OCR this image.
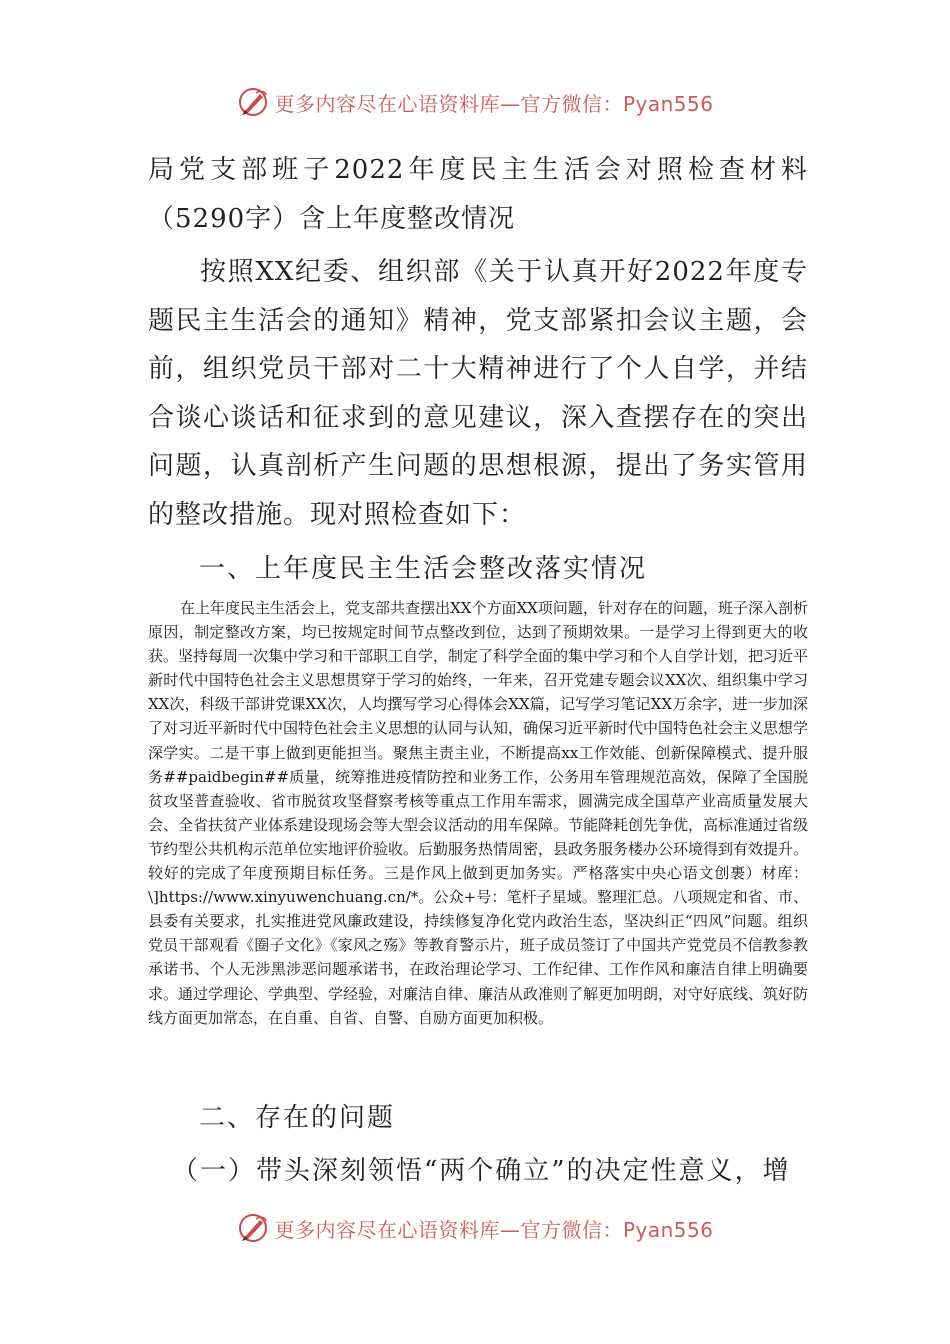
更多内容尽在心语资料库—官方微信：Pyan556
局党支部班子2022年度民主生活会对照检查材料
（5290字）含上年度整改情况
按照XX纪委、组织部《关于认真开好2022年度专题民主生活会的通知》精神，党支部紧扣会议主题，会前，组织党员干部对二十大精神进行了个人自学，并结合谈心谈话和征求到的意见建议，深入查摆存在的突出问题，认真剖析产生问题的思想根源，提出了务实管用的整改措施。现对照检查如下：
一、上年度民主生活会整改落实情况
在上年度民主生活会上，党支部共查摆出XX个方面XX项问题，针对存在的问题，班子深入剖析原因，制定整改方案，均已按规定时间节点整改到位，达到了预期效果。一是学习上得到更大的收获。坚持每周一次集中学习和干部职工自学，制定了科学全面的集中学习和个人自学计划，把习近平新时代中国特色社会主义思想贯穿于学习的始终，一年来，召开党建专题会议XX次、组织集中学习XX次，科级干部讲党课XX次，人均撰写学习心得体会XX篇，记写学习笔记XX万余字，进一步加深了对习近平新时代中国特色社会主义思想的认同与认知，确保习近平新时代中国特色社会主义思想学深学实。二是干事上做到更能担当。聚焦主责主业，不断提高xx工作效能、创新保障模式、提升服务##paidbegin##质量，统筹推进疫情防控和业务工作，公务用车管理规范高效，保障了全国脱贫攻坚普查验收、省市脱贫攻坚督察考核等重点工作用车需求，圆满完成全国草产业高质量发展大会、全省扶贫产业体系建设现场会等大型会议活动的用车保障。节能降耗创先争优，高标准通过省级节约型公共机构示范单位实地评价验收。后勤服务热情周密，县政务服务楼办公环境得到有效提升。较好的完成了年度预期目标任务。三是作风上做到更加务实。严格落实中央心语文创裹）材库：\]https://www.xinyuwenchuang.cn/*。公众+号：笔杆子星域。整理汇总。八项规定和省、市、县委有关要求，扎实推进党风廉政建设，持续修复净化党内政治生态，坚决纠正“四风”问题。组织党员干部观看《圈子文化》《家风之殇》等教育警示片，班子成员签订了中国共产党党员不信教参教承诺书、个人无涉黑涉恶问题承诺书，在政治理论学习、工作纪律、工作作风和廉洁自律上明确要求。通过学理论、学典型、学经验，对廉洁自律、廉洁从政准则了解更加明朗，对守好底线、筑好防线方面更加常态，在自重、自省、自警、自励方面更加积极。
二、存在的问题
（一）带头深刻领悟“两个确立”的决定性意义，增
更多内容尽在心语资料库—官方微信：Pyan556
